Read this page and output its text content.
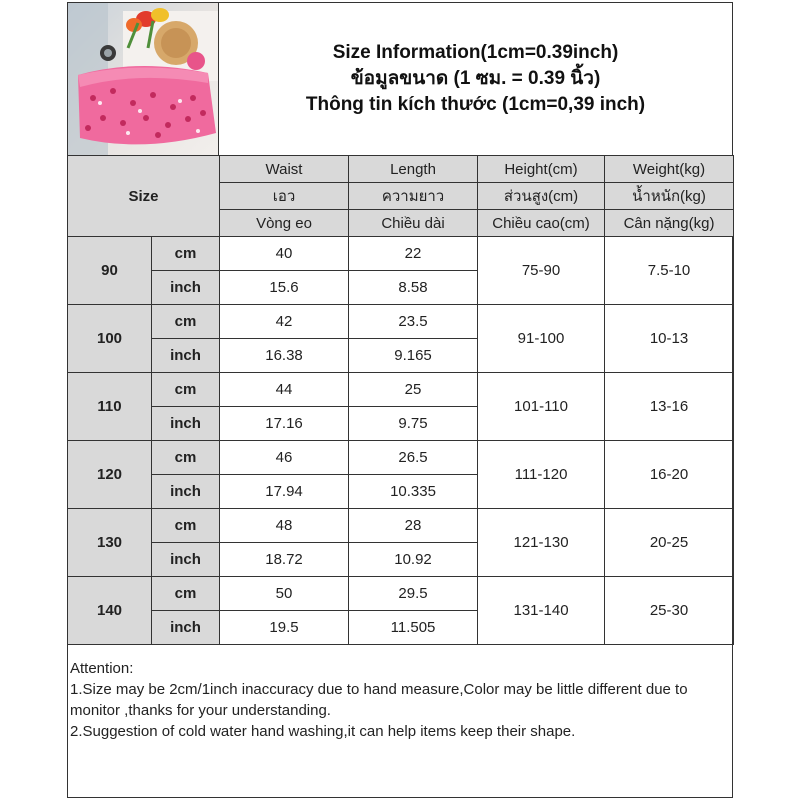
Size Information(1cm=0.39inch)
ข้อมูลขนาด (1 ซม. = 0.39 นิ้ว)
Thông tin kích thước (1cm=0,39 inch)
Size		Waist	Length	Height(cm)	Weight(kg)
		เอว	ความยาว	ส่วนสูง(cm)	น้ำหนัก(kg)
		Vòng eo	Chiều dài	Chiều cao(cm)	Cân nặng(kg)
90	cm	40	22	75-90	7.5-10
	inch	15.6	8.58		
100	cm	42	23.5	91-100	10-13
	inch	16.38	9.165		
110	cm	44	25	101-110	13-16
	inch	17.16	9.75		
120	cm	46	26.5	111-120	16-20
	inch	17.94	10.335		
130	cm	48	28	121-130	20-25
	inch	18.72	10.92		
140	cm	50	29.5	131-140	25-30
	inch	19.5	11.505		
Attention:
1.Size may be 2cm/1inch inaccuracy due to hand measure,Color may be little different due to monitor ,thanks for your understanding.
2.Suggestion of cold water hand washing,it can help items keep their shape.
